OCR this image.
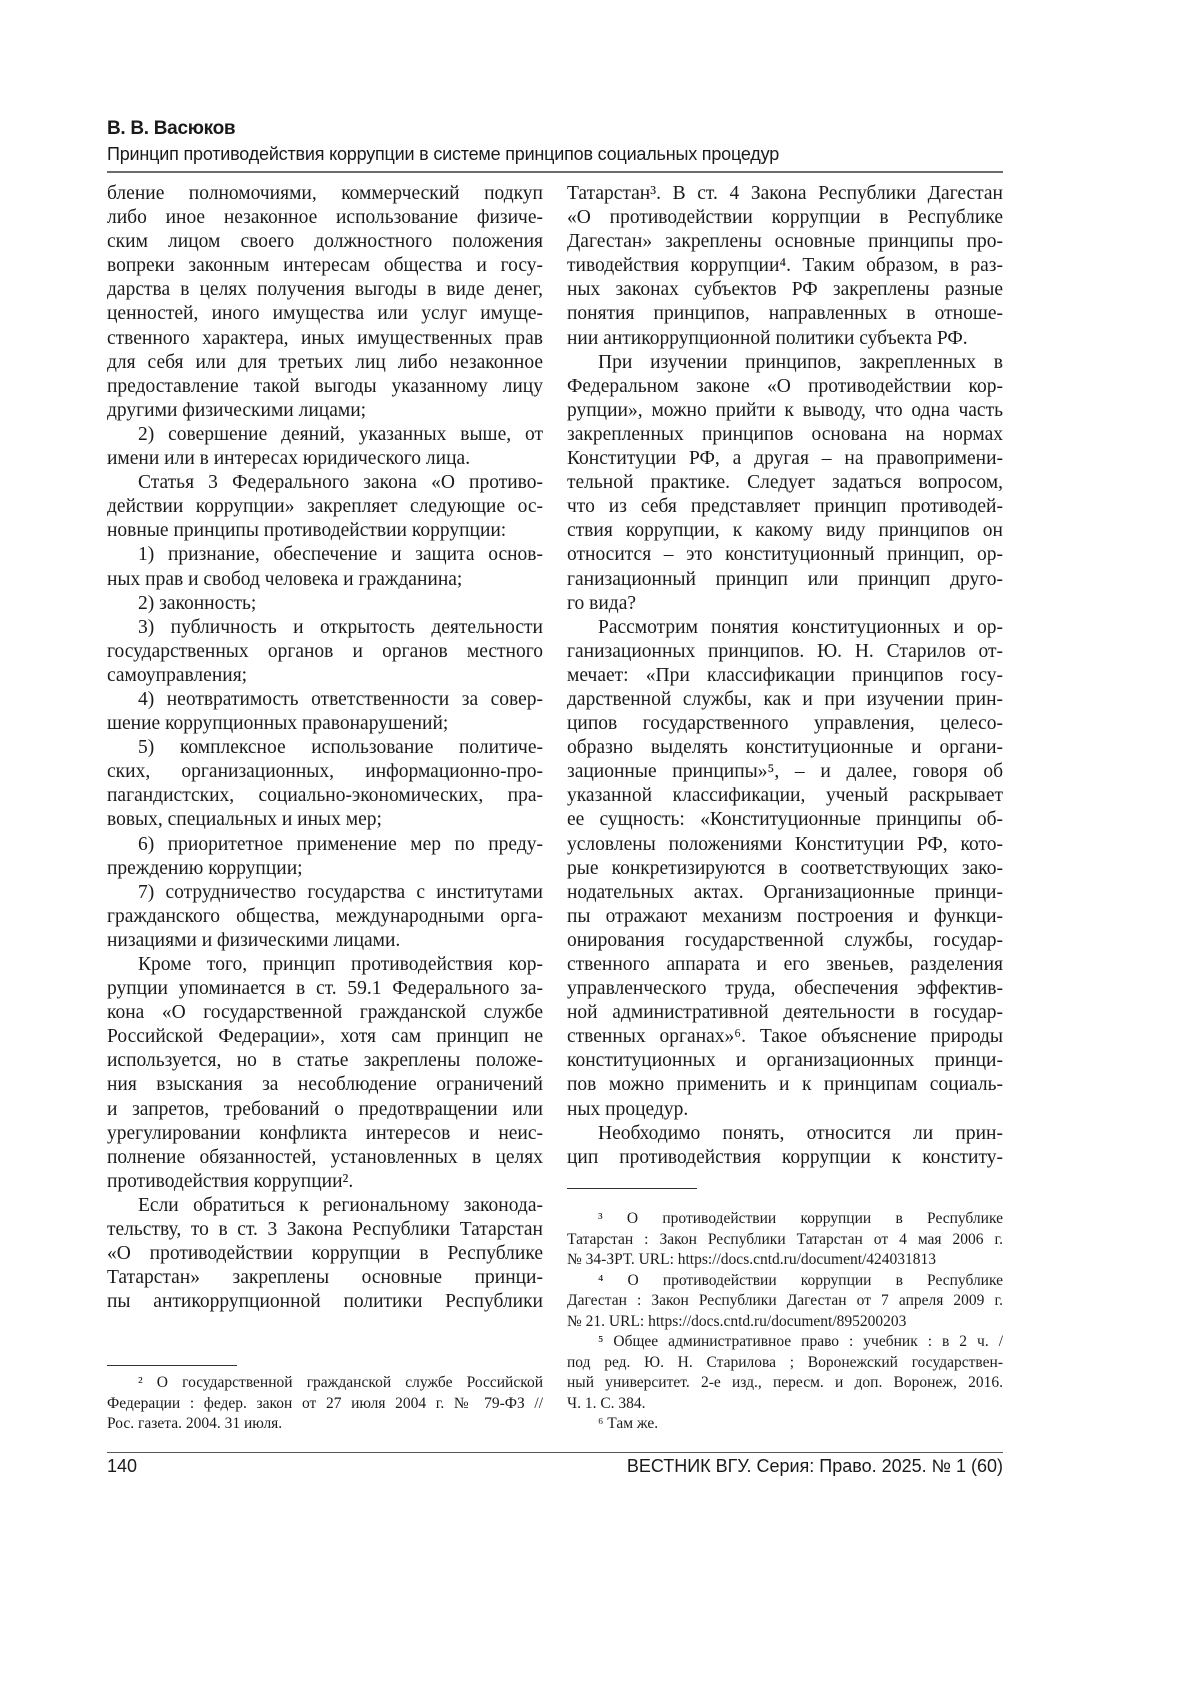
В. В. Васюков
Принцип противодействия коррупции в системе принципов социальных процедур
бление полномочиями, коммерческий подкуп
либо иное незаконное использование физиче-
ским лицом своего должностного положения
вопреки законным интересам общества и госу-
дарства в целях получения выгоды в виде денег,
ценностей, иного имущества или услуг имуще-
ственного характера, иных имущественных прав
для себя или для третьих лиц либо незаконное
предоставление такой выгоды указанному лицу
другими физическими лицами;
2) совершение деяний, указанных выше, от
имени или в интересах юридического лица.
Статья 3 Федерального закона «О противо-
действии коррупции» закрепляет следующие ос-
новные принципы противодействии коррупции:
1) признание, обеспечение и защита основ-
ных прав и свобод человека и гражданина;
2) законность;
3) публичность и открытость деятельности
государственных органов и органов местного
самоуправления;
4) неотвратимость ответственности за совер-
шение коррупционных правонарушений;
5) комплексное использование политиче-
ских, организационных, информационно-про-
пагандистских, социально-экономических, пра-
вовых, специальных и иных мер;
6) приоритетное применение мер по преду-
преждению коррупции;
7) сотрудничество государства с институтами
гражданского общества, международными орга-
низациями и физическими лицами.
Кроме того, принцип противодействия кор-
рупции упоминается в ст. 59.1 Федерального за-
кона «О государственной гражданской службе
Российской Федерации», хотя сам принцип не
используется, но в статье закреплены положе-
ния взыскания за несоблюдение ограничений
и запретов, требований о предотвращении или
урегулировании конфликта интересов и неис-
полнение обязанностей, установленных в целях
противодействия коррупции².
Если обратиться к региональному законода-
тельству, то в ст. 3 Закона Республики Татарстан
«О противодействии коррупции в Республике
Татарстан» закреплены основные принци-
пы антикоррупционной политики Республики
Татарстан³. В ст. 4 Закона Республики Дагестан
«О противодействии коррупции в Республике
Дагестан» закреплены основные принципы про-
тиводействия коррупции⁴. Таким образом, в раз-
ных законах субъектов РФ закреплены разные
понятия принципов, направленных в отноше-
нии антикоррупционной политики субъекта РФ.
При изучении принципов, закрепленных в
Федеральном законе «О противодействии кор-
рупции», можно прийти к выводу, что одна часть
закрепленных принципов основана на нормах
Конституции РФ, а другая – на правопримени-
тельной практике. Следует задаться вопросом,
что из себя представляет принцип противодей-
ствия коррупции, к какому виду принципов он
относится – это конституционный принцип, ор-
ганизационный принцип или принцип друго-
го вида?
Рассмотрим понятия конституционных и ор-
ганизационных принципов. Ю. Н. Старилов от-
мечает: «При классификации принципов госу-
дарственной службы, как и при изучении прин-
ципов государственного управления, целесо-
образно выделять конституционные и органи-
зационные принципы»⁵, – и далее, говоря об
указанной классификации, ученый раскрывает
ее сущность: «Конституционные принципы об-
условлены положениями Конституции РФ, кото-
рые конкретизируются в соответствующих зако-
нодательных актах. Организационные принци-
пы отражают механизм построения и функци-
онирования государственной службы, государ-
ственного аппарата и его звеньев, разделения
управленческого труда, обеспечения эффектив-
ной административной деятельности в государ-
ственных органах»⁶. Такое объяснение природы
конституционных и организационных принци-
пов можно применить и к принципам социаль-
ных процедур.
Необходимо понять, относится ли прин-
цип противодействия коррупции к конститу-
² О государственной гражданской службе Российской
Федерации : федер. закон от 27 июля 2004 г. № 79-ФЗ //
Рос. газета. 2004. 31 июля.
³ О противодействии коррупции в Республике
Татарстан : Закон Республики Татарстан от 4 мая 2006 г.
№ 34-ЗРТ. URL: https://docs.cntd.ru/document/424031813
⁴ О противодействии коррупции в Республике
Дагестан : Закон Республики Дагестан от 7 апреля 2009 г.
№ 21. URL: https://docs.cntd.ru/document/895200203
⁵ Общее административное право : учебник : в 2 ч. /
под ред. Ю. Н. Старилова ; Воронежский государствен-
ный университет. 2-е изд., пересм. и доп. Воронеж, 2016.
Ч. 1. С. 384.
⁶ Там же.
140	ВЕСТНИК ВГУ. Серия: Право. 2025. № 1 (60)
